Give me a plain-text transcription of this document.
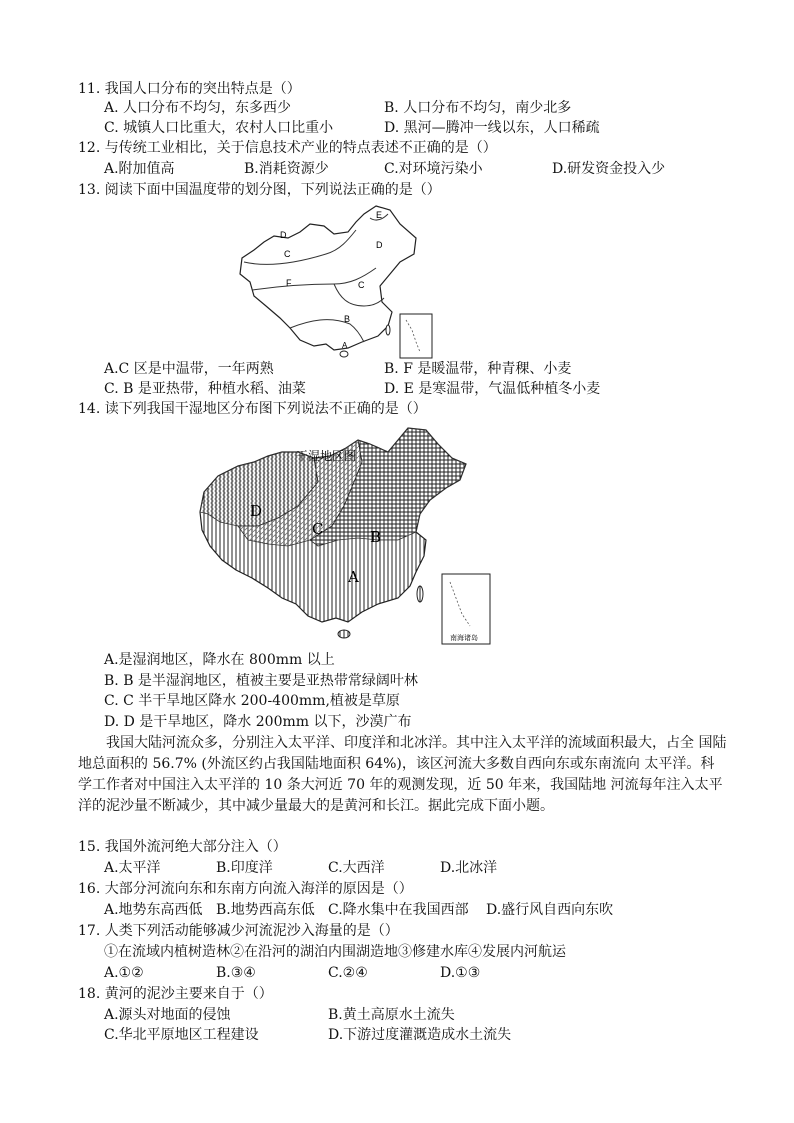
11. 我国人口分布的突出特点是（）
A. 人口分布不均匀，东多西少	B. 人口分布不均匀，南少北多
C. 城镇人口比重大，农村人口比重小	D. 黑河—腾冲一线以东，人口稀疏
12. 与传统工业相比，关于信息技术产业的特点表述不正确的是（）
A.附加值高	B.消耗资源少	C.对环境污染小	D.研发资金投入少
13. 阅读下面中国温度带的划分图，下列说法正确的是（）
E
D
D
C
F	C
B
A
A.C 区是中温带，一年两熟	B. F 是暖温带，种青稞、小麦
C. B 是亚热带，种植水稻、油菜	D. E 是寒温带，气温低种植冬小麦
14. 读下列我国干湿地区分布图下列说法不正确的是（）
干湿地区图
D
C	B
A
南海诸岛
A.是湿润地区，降水在 800mm 以上
B. B 是半湿润地区，植被主要是亚热带常绿阔叶林
C. C 半干旱地区降水 200-400mm,植被是草原
D. D 是干旱地区，降水 200mm 以下，沙漠广布
我国大陆河流众多，分别注入太平洋、印度洋和北冰洋。其中注入太平洋的流域面积最大，占全 国陆地总面积的 56.7% (外流区约占我国陆地面积 64%)，该区河流大多数自西向东或东南流向 太平洋。科学工作者对中国注入太平洋的 10 条大河近 70 年的观测发现，近 50 年来，我国陆地 河流每年注入太平洋的泥沙量不断减少，其中减少量最大的是黄河和长江。据此完成下面小题。
15. 我国外流河绝大部分注入（）
A.太平洋	B.印度洋	C.大西洋	D.北冰洋
16. 大部分河流向东和东南方向流入海洋的原因是（）
A.地势东高西低 B.地势西高东低 C.降水集中在我国西部 D.盛行风自西向东吹
17. 人类下列活动能够减少河流泥沙入海量的是（）
①在流域内植树造林②在沿河的湖泊内围湖造地③修建水库④发展内河航运
A.①②	B.③④	C.②④	D.①③
18. 黄河的泥沙主要来自于（）
A.源头对地面的侵蚀	B.黄土高原水土流失
C.华北平原地区工程建设	D.下游过度灌溉造成水土流失
